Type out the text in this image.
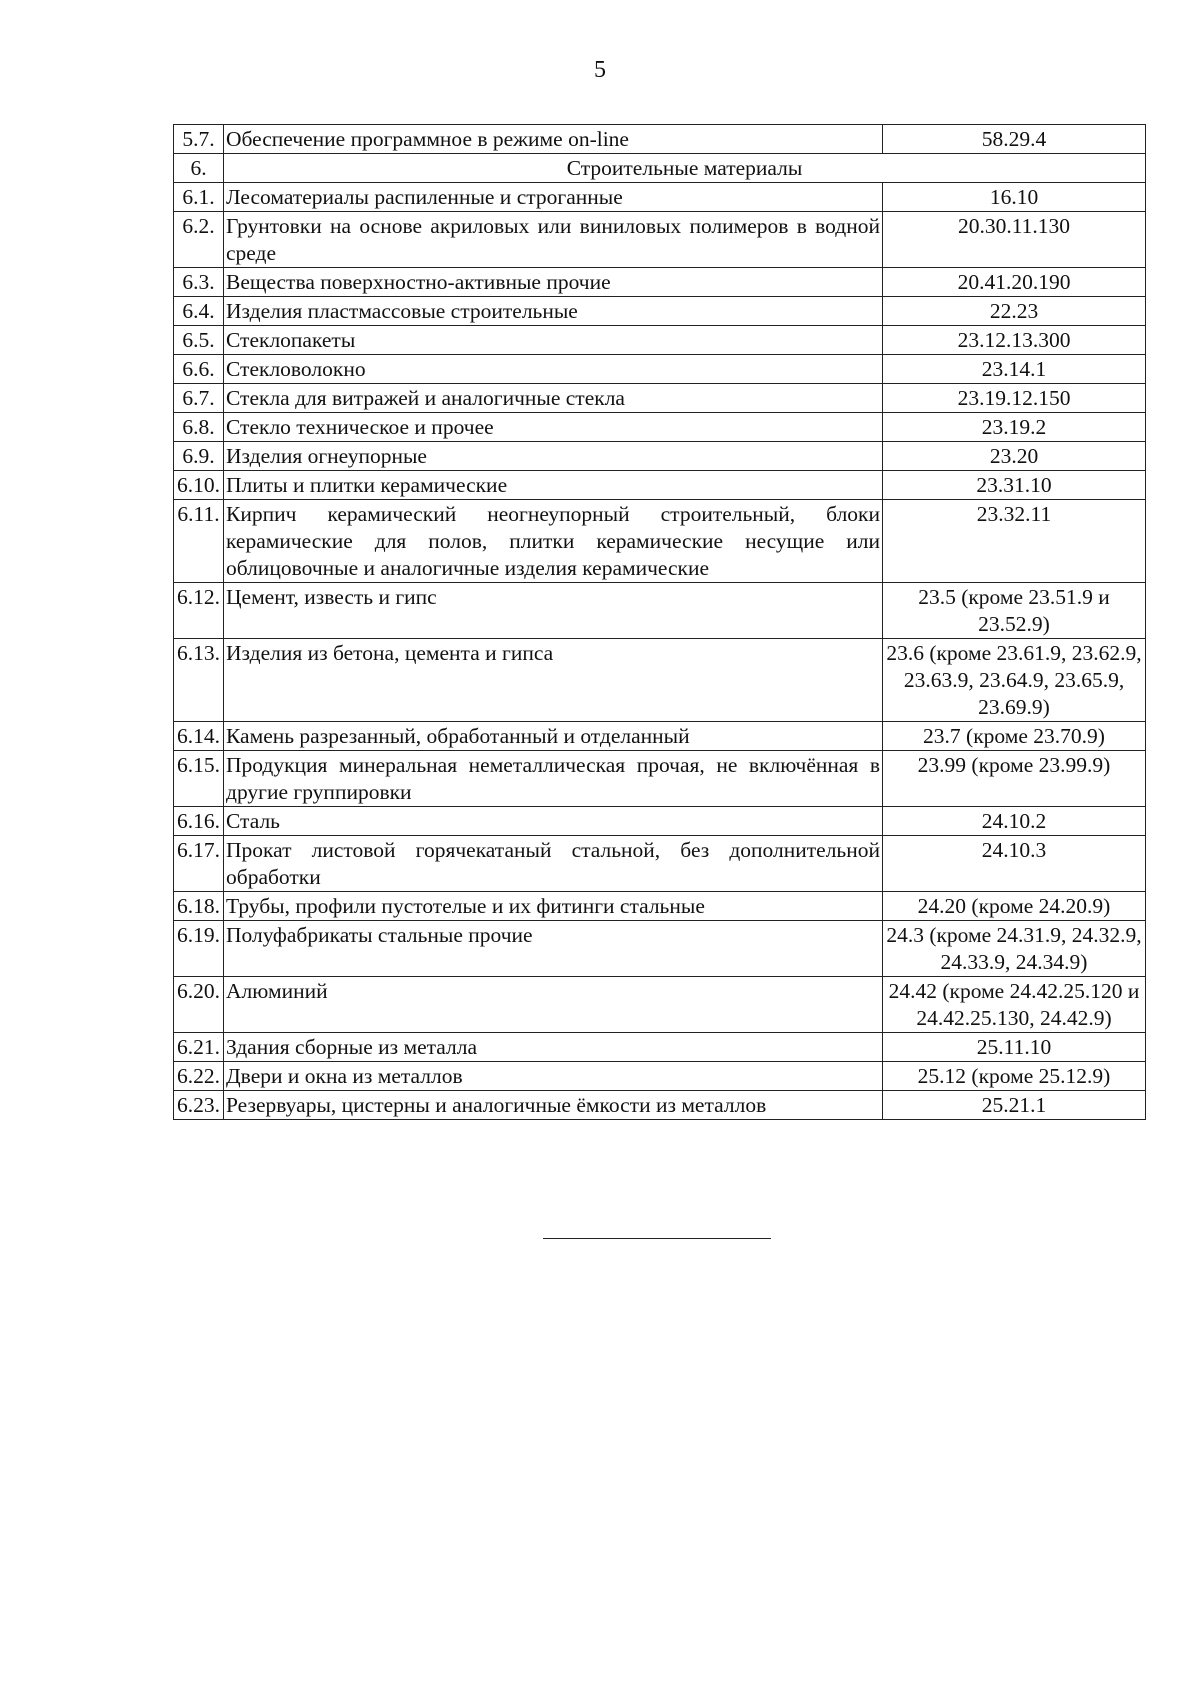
5
5.7.	Обеспечение программное в режиме on-line	58.29.4
6.	Строительные материалы	
6.1.	Лесоматериалы распиленные и строганные	16.10
6.2.	Грунтовки на основе акриловых или виниловых полимеров в водной среде	20.30.11.130
6.3.	Вещества поверхностно-активные прочие	20.41.20.190
6.4.	Изделия пластмассовые строительные	22.23
6.5.	Стеклопакеты	23.12.13.300
6.6.	Стекловолокно	23.14.1
6.7.	Стекла для витражей и аналогичные стекла	23.19.12.150
6.8.	Стекло техническое и прочее	23.19.2
6.9.	Изделия огнеупорные	23.20
6.10.	Плиты и плитки керамические	23.31.10
6.11.	Кирпич керамический неогнеупорный строительный, блоки керамические для полов, плитки керамические несущие или облицовочные и аналогичные изделия керамические	23.32.11
6.12.	Цемент, известь и гипс	23.5 (кроме 23.51.9 и 23.52.9)
6.13.	Изделия из бетона, цемента и гипса	23.6 (кроме 23.61.9, 23.62.9, 23.63.9, 23.64.9, 23.65.9, 23.69.9)
6.14.	Камень разрезанный, обработанный и отделанный	23.7 (кроме 23.70.9)
6.15.	Продукция минеральная неметаллическая прочая, не включённая в другие группировки	23.99 (кроме 23.99.9)
6.16.	Сталь	24.10.2
6.17.	Прокат листовой горячекатаный стальной, без дополнительной обработки	24.10.3
6.18.	Трубы, профили пустотелые и их фитинги стальные	24.20 (кроме 24.20.9)
6.19.	Полуфабрикаты стальные прочие	24.3 (кроме 24.31.9, 24.32.9, 24.33.9, 24.34.9)
6.20.	Алюминий	24.42 (кроме 24.42.25.120 и 24.42.25.130, 24.42.9)
6.21.	Здания сборные из металла	25.11.10
6.22.	Двери и окна из металлов	25.12 (кроме 25.12.9)
6.23.	Резервуары, цистерны и аналогичные ёмкости из металлов	25.21.1
